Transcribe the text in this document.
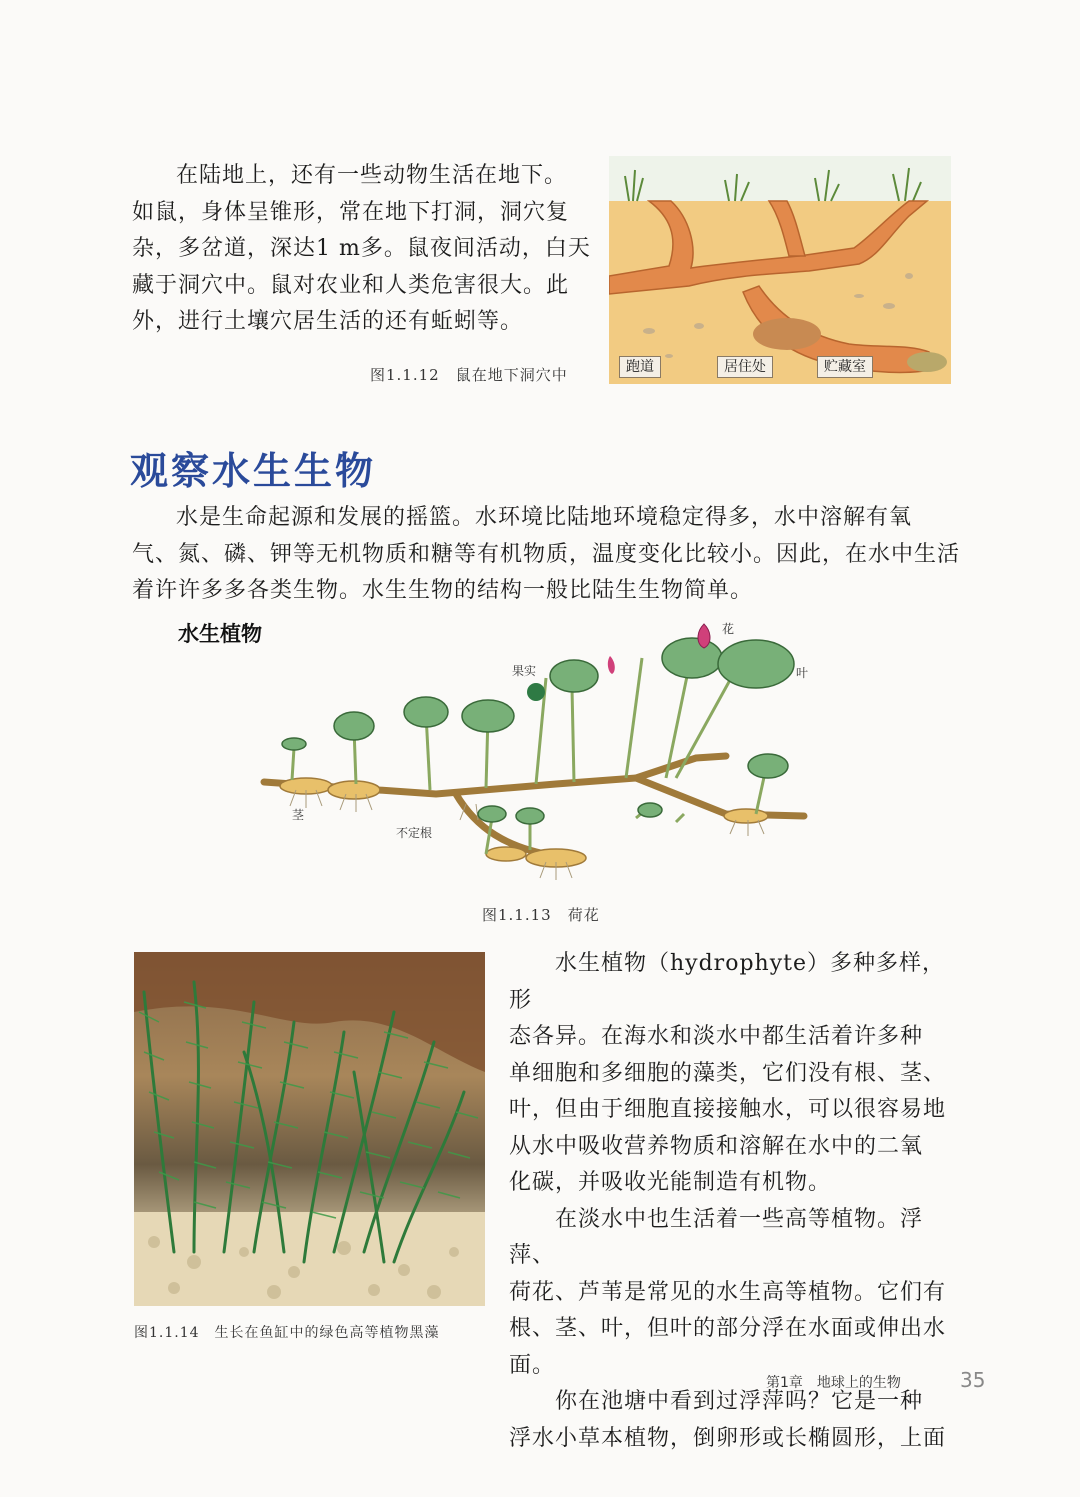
在陆地上，还有一些动物生活在地下。

如鼠，身体呈锥形，常在地下打洞，洞穴复

杂，多岔道，深达1 m多。鼠夜间活动，白天

藏于洞穴中。鼠对农业和人类危害很大。此

外，进行土壤穴居生活的还有蚯蚓等。

图1.1.12　鼠在地下洞穴中	跑道	居住处	贮藏室
观察水生生物

水是生命起源和发展的摇篮。水环境比陆地环境稳定得多，水中溶解有氧

气、氮、磷、钾等无机物质和糖等有机物质，温度变化比较小。因此，在水中生活

着许许多多各类生物。水生生物的结构一般比陆生生物简单。

水生植物	花
叶
果实
茎
不定根
图1.1.13　荷花
图1.1.14　生长在鱼缸中的绿色高等植物黑藻

水生植物（hydrophyte）多种多样，形

态各异。在海水和淡水中都生活着许多种

单细胞和多细胞的藻类，它们没有根、茎、

叶，但由于细胞直接接触水，可以很容易地

从水中吸收营养物质和溶解在水中的二氧

化碳，并吸收光能制造有机物。

在淡水中也生活着一些高等植物。浮萍、

荷花、芦苇是常见的水生高等植物。它们有

根、茎、叶，但叶的部分浮在水面或伸出水面。

你在池塘中看到过浮萍吗？它是一种

浮水小草本植物，倒卵形或长椭圆形，上面

第1章　地球上的生物	35
